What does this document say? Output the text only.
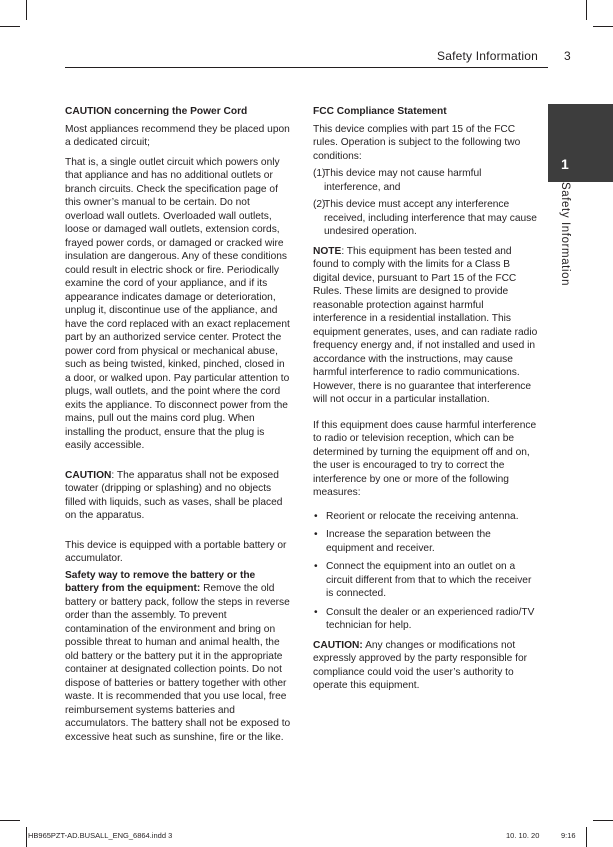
Safety Information 3
1
Safety Information
CAUTION concerning the Power Cord

Most appliances recommend they be placed upon a dedicated circuit;

That is, a single outlet circuit which powers only that appliance and has no additional outlets or branch circuits. Check the specification page of this owner’s manual to be certain. Do not overload wall outlets. Overloaded wall outlets, loose or damaged wall outlets, extension cords, frayed power cords, or damaged or cracked wire insulation are dangerous. Any of these conditions could result in electric shock or fire. Periodically examine the cord of your appliance, and if its appearance indicates damage or deterioration, unplug it, discontinue use of the appliance, and have the cord replaced with an exact replacement part by an authorized service center. Protect the power cord from physical or mechanical abuse, such as being twisted, kinked, pinched, closed in a door, or walked upon. Pay particular attention to plugs, wall outlets, and the point where the cord exits the appliance. To disconnect power from the mains, pull out the mains cord plug. When installing the product, ensure that the plug is easily accessible.

CAUTION: The apparatus shall not be exposed towater (dripping or splashing) and no objects filled with liquids, such as vases, shall be placed on the apparatus.

This device is equipped with a portable battery or accumulator.

Safety way to remove the battery or the battery from the equipment: Remove the old battery or battery pack, follow the steps in reverse order than the assembly. To prevent contamination of the environment and bring on possible threat to human and animal health, the old battery or the battery put it in the appropriate container at designated collection points. Do not dispose of batteries or battery together with other waste. It is recommended that you use local, free reimbursement systems batteries and accumulators. The battery shall not be exposed to excessive heat such as sunshine, fire or the like.

FCC Compliance Statement

This device complies with part 15 of the FCC rules. Operation is subject to the following two conditions:

(1)
This device may not cause harmful interference, and
(2)
This device must accept any interference received, including interference that may cause undesired operation.

NOTE: This equipment has been tested and found to comply with the limits for a Class B digital device, pursuant to Part 15 of the FCC Rules. These limits are designed to provide reasonable protection against harmful interference in a residential installation. This equipment generates, uses, and can radiate radio frequency energy and, if not installed and used in accordance with the instructions, may cause harmful interference to radio communications. However, there is no guarantee that interference will not occur in a particular installation.

If this equipment does cause harmful interference to radio or television reception, which can be determined by turning the equipment off and on, the user is encouraged to try to correct the interference by one or more of the following measures:

• Reorient or relocate the receiving antenna.
• Increase the separation between the equipment and receiver.
• Connect the equipment into an outlet on a circuit different from that to which the receiver is connected.
• Consult the dealer or an experienced radio/TV technician for help.

CAUTION: Any changes or modifications not expressly approved by the party responsible for compliance could void the user’s authority to operate this equipment.

HB965PZT-AD.BUSALL_ENG_6864.indd 3	10. 10. 20	9:16
